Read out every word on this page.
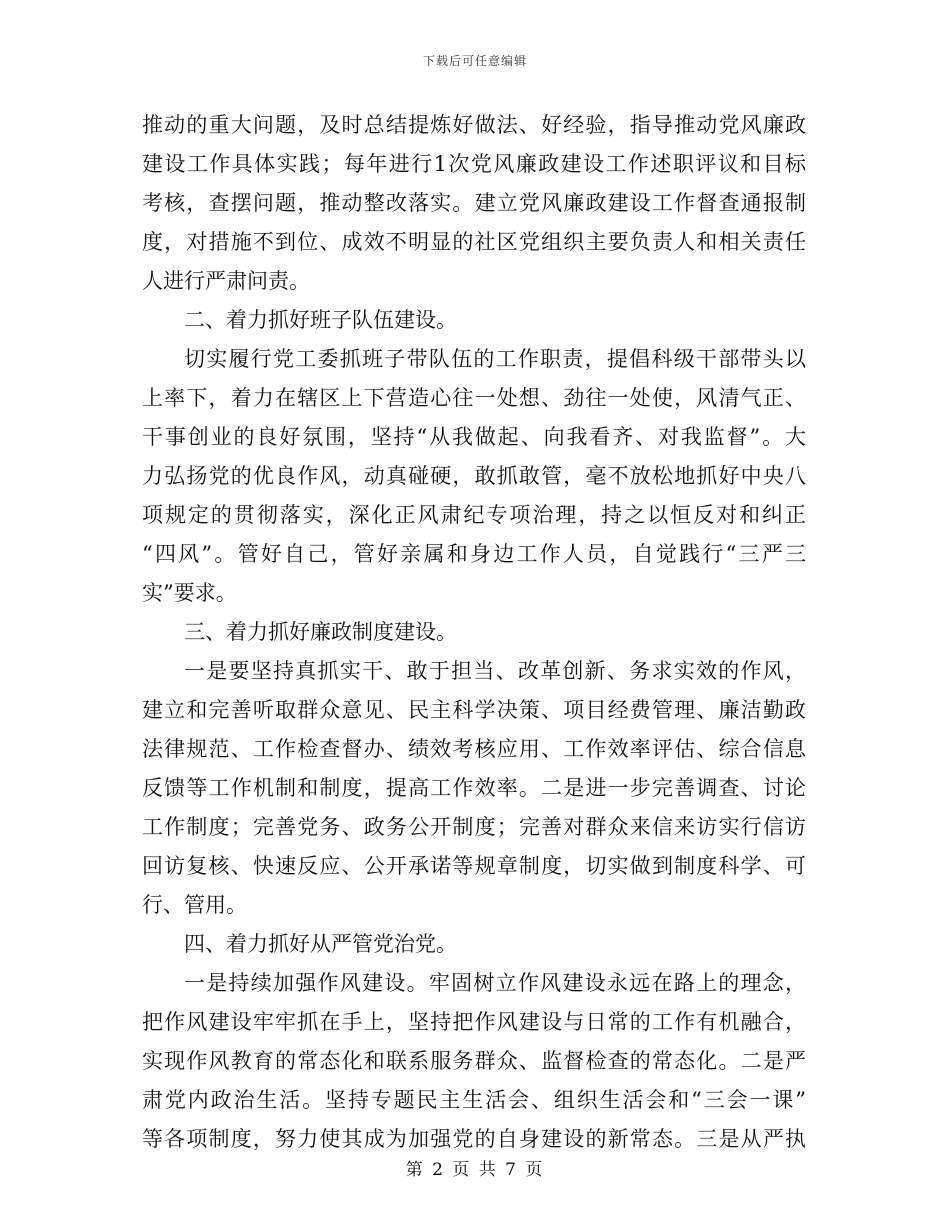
下载后可任意编辑
推动的重大问题，及时总结提炼好做法、好经验，指导推动党风廉政
建设工作具体实践；每年进行1次党风廉政建设工作述职评议和目标
考核，查摆问题，推动整改落实。建立党风廉政建设工作督查通报制
度，对措施不到位、成效不明显的社区党组织主要负责人和相关责任
人进行严肃问责。
二、着力抓好班子队伍建设。
切实履行党工委抓班子带队伍的工作职责，提倡科级干部带头以
上率下，着力在辖区上下营造心往一处想、劲往一处使，风清气正、
干事创业的良好氛围，坚持“从我做起、向我看齐、对我监督”。大
力弘扬党的优良作风，动真碰硬，敢抓敢管，毫不放松地抓好中央八
项规定的贯彻落实，深化正风肃纪专项治理，持之以恒反对和纠正
“四风”。管好自己，管好亲属和身边工作人员，自觉践行“三严三
实”要求。
三、着力抓好廉政制度建设。
一是要坚持真抓实干、敢于担当、改革创新、务求实效的作风，
建立和完善听取群众意见、民主科学决策、项目经费管理、廉洁勤政
法律规范、工作检查督办、绩效考核应用、工作效率评估、综合信息
反馈等工作机制和制度，提高工作效率。二是进一步完善调查、讨论
工作制度；完善党务、政务公开制度；完善对群众来信来访实行信访
回访复核、快速反应、公开承诺等规章制度，切实做到制度科学、可
行、管用。
四、着力抓好从严管党治党。
一是持续加强作风建设。牢固树立作风建设永远在路上的理念，
把作风建设牢牢抓在手上，坚持把作风建设与日常的工作有机融合，
实现作风教育的常态化和联系服务群众、监督检查的常态化。二是严
肃党内政治生活。坚持专题民主生活会、组织生活会和“三会一课”
等各项制度，努力使其成为加强党的自身建设的新常态。三是从严执
第 2 页 共 7 页
